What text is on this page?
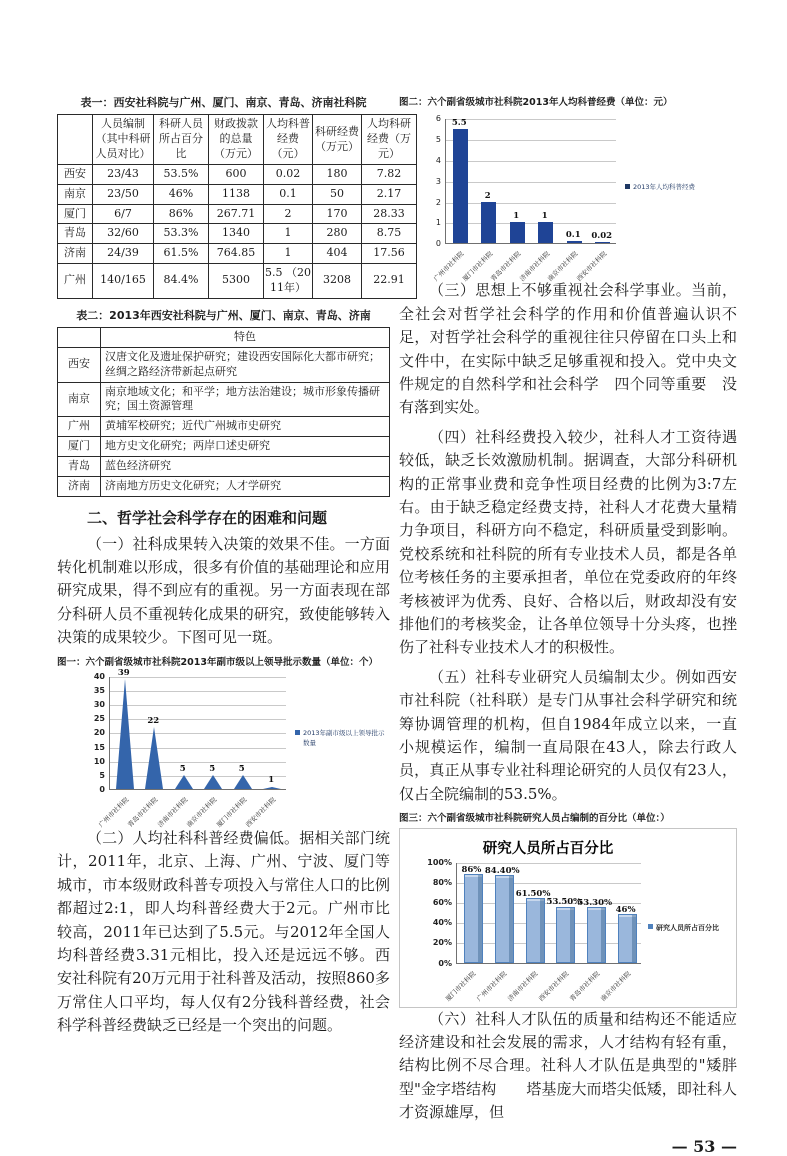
表一：西安社科院与广州、厦门、南京、青岛、济南社科院
	人员编制（其中科研人员对比）	科研人员所占百分比	财政拨款的总量（万元）	人均科普经费（元）	科研经费（万元）	人均科研经费（万元）
西安	23/43	53.5%	600	0.02	180	7.82
南京	23/50	46%	1138	0.1	50	2.17
厦门	6/7	86%	267.71	2	170	28.33
青岛	32/60	53.3%	1340	1	280	8.75
济南	24/39	61.5%	764.85	1	404	17.56
广州	140/165	84.4%	5300	5.5 （2011年）	3208	22.91
表二：2013年西安社科院与广州、厦门、南京、青岛、济南
	特色
西安	汉唐文化及遗址保护研究；建设西安国际化大都市研究；丝绸之路经济带新起点研究
南京	南京地域文化；和平学；地方法治建设；城市形象传播研究；国土资源管理
广州	黄埔军校研究；近代广州城市史研究
厦门	地方史文化研究；两岸口述史研究
青岛	蓝色经济研究
济南	济南地方历史文化研究；人才学研究
二、哲学社会科学存在的困难和问题

（一）社科成果转入决策的效果不佳。一方面转化机制难以形成，很多有价值的基础理论和应用研究成果，得不到应有的重视。另一方面表现在部分科研人员不重视转化成果的研究，致使能够转入决策的成果较少。下图可见一斑。

图一：六个副省级城市社科院2013年副市级以上领导批示数量（单位：个）
2013年副市级以上领导批示数量
0
5
10
15
20
25
30
35
40	39
广州市社科院
22
青岛市社科院
5
济南市社科院
5
南京市社科院
5
厦门市社科院
1
西安市社科院

（二）人均社科科普经费偏低。据相关部门统计，2011年，北京、上海、广州、宁波、厦门等城市，市本级财政科普专项投入与常住人口的比例都超过2:1，即人均科普经费大于2元。广州市比较高，2011年已达到了5.5元。与2012年全国人均科普经费3.31元相比，投入还是远远不够。西安社科院有20万元用于社科普及活动，按照860多万常住人口平均，每人仅有2分钱科普经费，社会科学科普经费缺乏已经是一个突出的问题。

图二：六个副省级城市社科院2013年人均科普经费（单位：元）
2013年人均科普经费
0
1
2
3
4
5
6	5.5
广州市社科院
2
厦门市社科院
1
青岛市社科院
1
济南市社科院
0.1
南京市社科院
0.02
西安市社科院

（三）思想上不够重视社会科学事业。当前，全社会对哲学社会科学的作用和价值普遍认识不足，对哲学社会科学的重视往往只停留在口头上和文件中，在实际中缺乏足够重视和投入。党中央文件规定的自然科学和社会科学　四个同等重要　没有落到实处。

（四）社科经费投入较少，社科人才工资待遇较低，缺乏长效激励机制。据调查，大部分科研机构的正常事业费和竞争性项目经费的比例为3:7左右。由于缺乏稳定经费支持，社科人才花费大量精力争项目，科研方向不稳定，科研质量受到影响。党校系统和社科院的所有专业技术人员，都是各单位考核任务的主要承担者，单位在党委政府的年终考核被评为优秀、良好、合格以后，财政却没有安排他们的考核奖金，让各单位领导十分头疼，也挫伤了社科专业技术人才的积极性。

（五）社科专业研究人员编制太少。例如西安市社科院（社科联）是专门从事社会科学研究和统筹协调管理的机构，但自1984年成立以来，一直小规模运作，编制一直局限在43人，除去行政人员，真正从事专业社科理论研究的人员仅有23人，仅占全院编制的53.5%。

图三：六个副省级城市社科院研究人员占编制的百分比（单位：）
研究人员所占百分比
研究人员所占百分比
0%
20%
40%
60%
80%
100%
86%
厦门市社科院
84.40%
广州市社科院
61.50%
济南市社科院
53.50%
西安市社科院
53.30%
青岛市社科院
46%
南京市社科院

（六）社科人才队伍的质量和结构还不能适应经济建设和社会发展的需求，人才结构有轻有重，结构比例不尽合理。社科人才队伍是典型的"矮胖型"金字塔结构　　塔基庞大而塔尖低矮，即社科人才资源雄厚，但

— 53 —
